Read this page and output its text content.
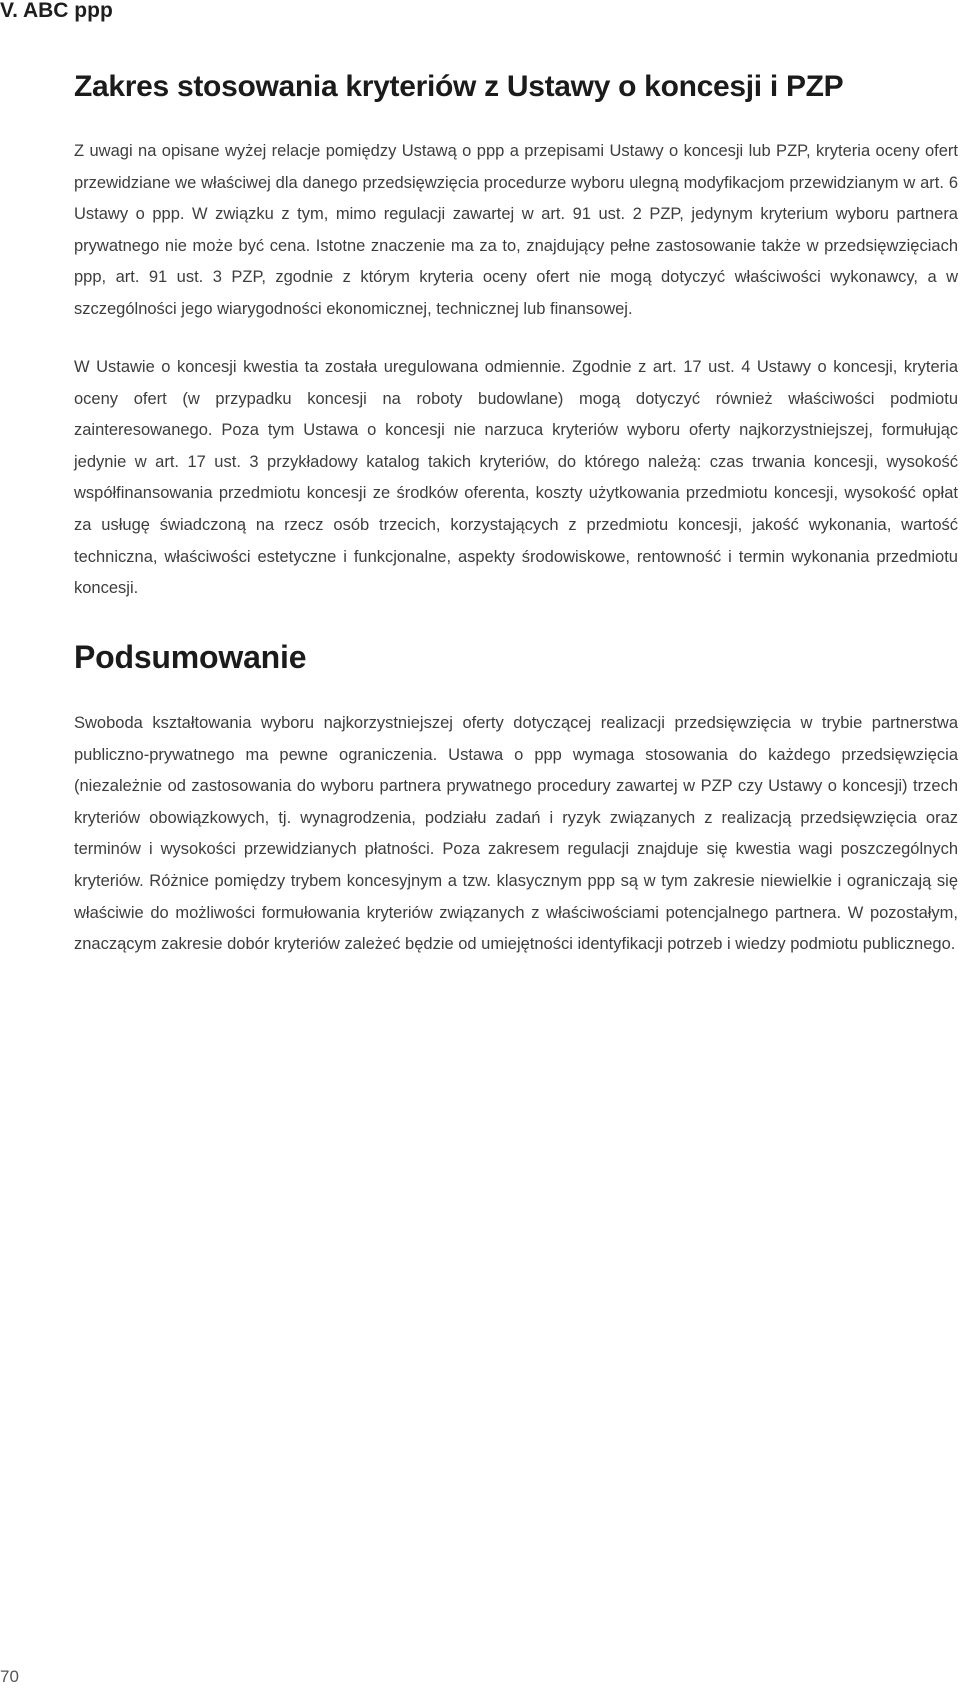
V. ABC ppp
Zakres stosowania kryteriów z Ustawy o koncesji i PZP

Z uwagi na opisane wyżej relacje pomiędzy Ustawą o ppp a przepisami Ustawy o koncesji lub PZP, kryteria oceny ofert przewidziane we właściwej dla danego przedsięwzięcia procedurze wyboru ulegną modyfikacjom przewidzianym w art. 6 Ustawy o ppp. W związku z tym, mimo regulacji zawartej w art. 91 ust. 2 PZP, jedynym kryterium wyboru partnera prywatnego nie może być cena. Istotne znaczenie ma za to, znajdujący pełne zastosowanie także w przedsięwzięciach ppp, art. 91 ust. 3 PZP, zgodnie z którym kryteria oceny ofert nie mogą dotyczyć właściwości wykonawcy, a w szczególności jego wiarygodności ekonomicznej, technicznej lub finansowej.

W Ustawie o koncesji kwestia ta została uregulowana odmiennie. Zgodnie z art. 17 ust. 4 Ustawy o koncesji, kryteria oceny ofert (w przypadku koncesji na roboty budowlane) mogą dotyczyć również właściwości podmiotu zainteresowanego. Poza tym Ustawa o koncesji nie narzuca kryteriów wyboru oferty najkorzystniejszej, formułując jedynie w art. 17 ust. 3 przykładowy katalog takich kryteriów, do którego należą: czas trwania koncesji, wysokość współfinansowania przedmiotu koncesji ze środków oferenta, koszty użytkowania przedmiotu koncesji, wysokość opłat za usługę świadczoną na rzecz osób trzecich, korzystających z przedmiotu koncesji, jakość wykonania, wartość techniczna, właściwości estetyczne i funkcjonalne, aspekty środowiskowe, rentowność i termin wykonania przedmiotu koncesji.

Podsumowanie

Swoboda kształtowania wyboru najkorzystniejszej oferty dotyczącej realizacji przedsięwzięcia w trybie partnerstwa publiczno-prywatnego ma pewne ograniczenia. Ustawa o ppp wymaga stosowania do każdego przedsięwzięcia (niezależnie od zastosowania do wyboru partnera prywatnego procedury zawartej w PZP czy Ustawy o koncesji) trzech kryteriów obowiązkowych, tj. wynagrodzenia, podziału zadań i ryzyk związanych z realizacją przedsięwzięcia oraz terminów i wysokości przewidzianych płatności. Poza zakresem regulacji znajduje się kwestia wagi poszczególnych kryteriów. Różnice pomiędzy trybem koncesyjnym a tzw. klasycznym ppp są w tym zakresie niewielkie i ograniczają się właściwie do możliwości formułowania kryteriów związanych z właściwościami potencjalnego partnera. W pozostałym, znaczącym zakresie dobór kryteriów zależeć będzie od umiejętności identyfikacji potrzeb i wiedzy podmiotu publicznego.

70
